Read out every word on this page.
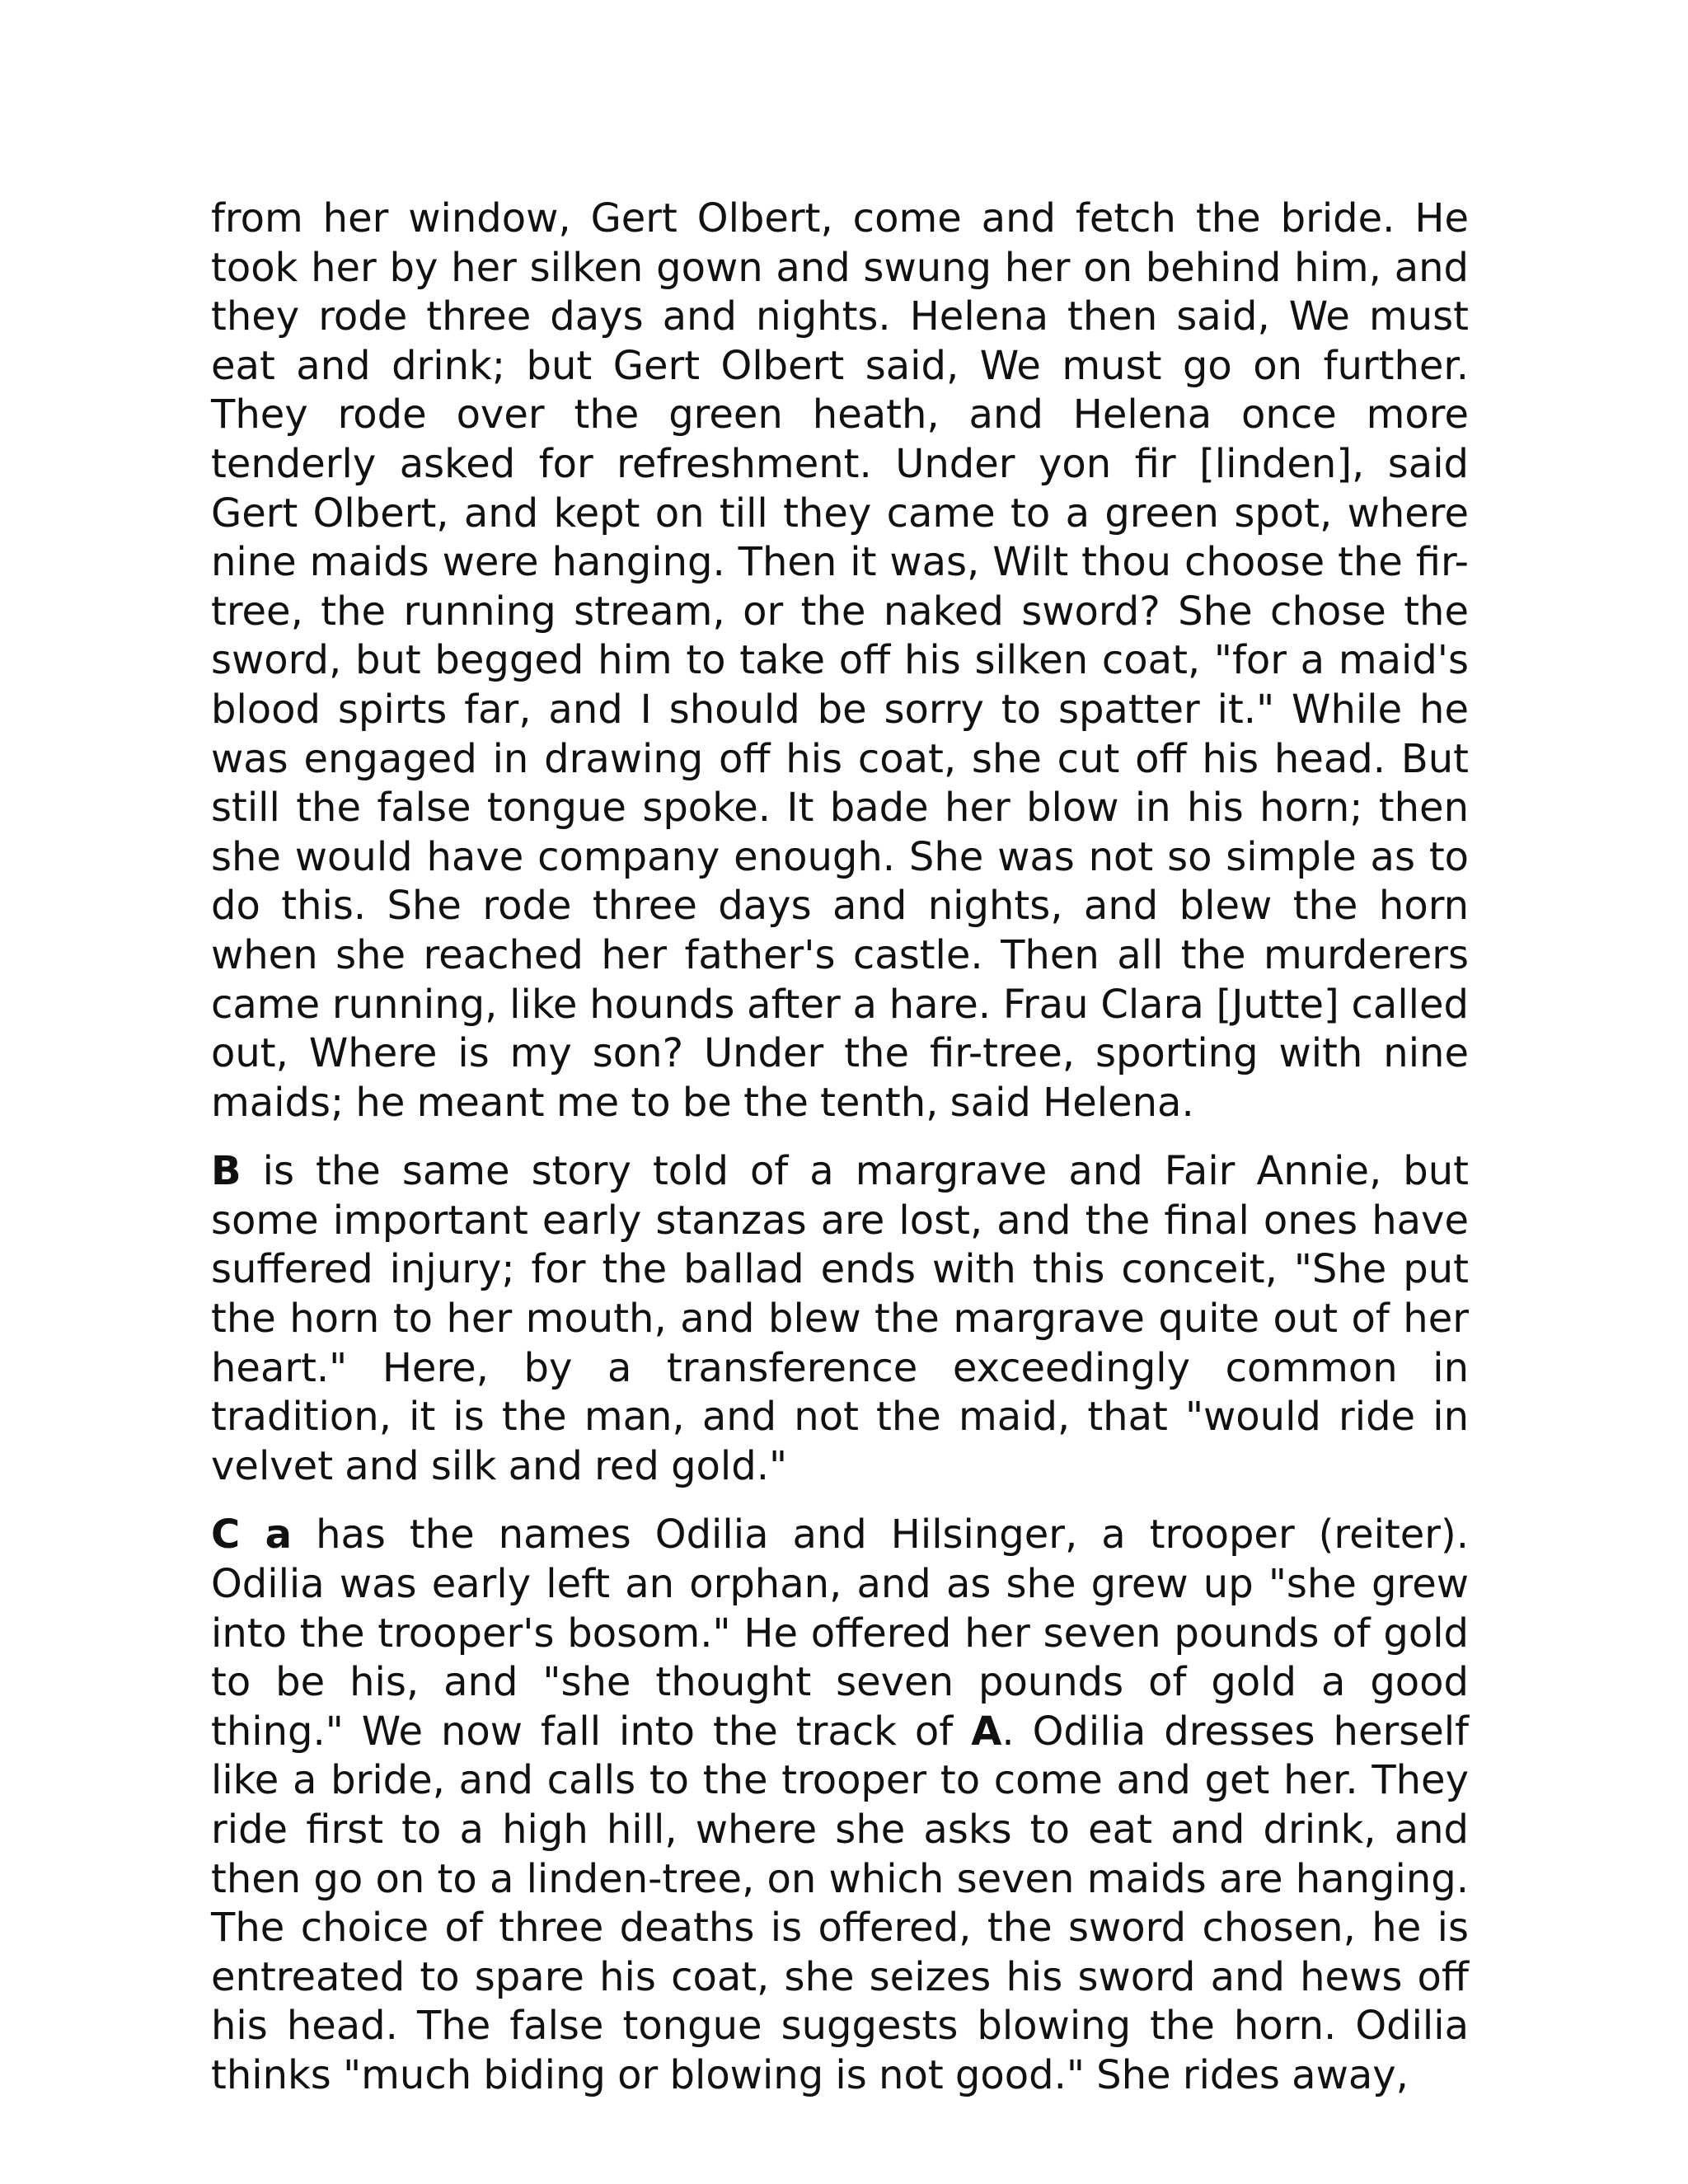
from her window, Gert Olbert, come and fetch the bride. He took her by her silken gown and swung her on behind him, and they rode three days and nights. Helena then said, We must eat and drink; but Gert Olbert said, We must go on further. They rode over the green heath, and Helena once more tenderly asked for refreshment. Under yon fir [linden], said Gert Olbert, and kept on till they came to a green spot, where nine maids were hanging. Then it was, Wilt thou choose the fir-tree, the running stream, or the naked sword? She chose the sword, but begged him to take off his silken coat, "for a maid's blood spirts far, and I should be sorry to spatter it." While he was engaged in drawing off his coat, she cut off his head. But still the false tongue spoke. It bade her blow in his horn; then she would have company enough. She was not so simple as to do this. She rode three days and nights, and blew the horn when she reached her father's castle. Then all the murderers came running, like hounds after a hare. Frau Clara [Jutte] called out, Where is my son? Under the fir-tree, sporting with nine maids; he meant me to be the tenth, said Helena.

B is the same story told of a margrave and Fair Annie, but some important early stanzas are lost, and the final ones have suffered injury; for the ballad ends with this conceit, "She put the horn to her mouth, and blew the margrave quite out of her heart." Here, by a transference exceedingly common in tradition, it is the man, and not the maid, that "would ride in velvet and silk and red gold."

C a has the names Odilia and Hilsinger, a trooper (reiter). Odilia was early left an orphan, and as she grew up "she grew into the trooper's bosom." He offered her seven pounds of gold to be his, and "she thought seven pounds of gold a good thing." We now fall into the track of A. Odilia dresses herself like a bride, and calls to the trooper to come and get her. They ride first to a high hill, where she asks to eat and drink, and then go on to a linden-tree, on which seven maids are hanging. The choice of three deaths is offered, the sword chosen, he is entreated to spare his coat, she seizes his sword and hews off his head. The false tongue suggests blowing the horn. Odilia thinks "much biding or blowing is not good." She rides away,
